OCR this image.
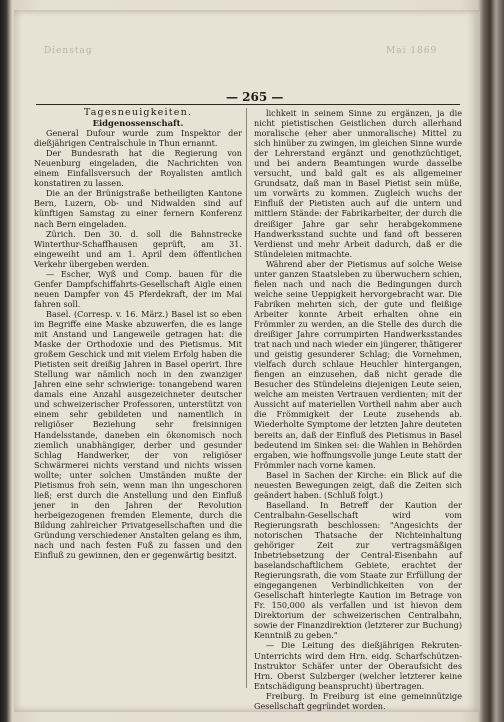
Dienstag	Mai 1869
— 265 —

Tagesneuigkeiten.

Eidgenossenschaft.

General Dufour wurde zum Inspektor der dießjährigen Centralschule in Thun ernannt.

Der Bundesrath hat die Regierung von Neuenburg eingeladen, die Nachrichten von einem Einfallsversuch der Royalisten amtlich konstatiren zu lassen.

Die an der Brünigstraße betheiligten Kantone Bern, Luzern, Ob- und Nidwalden sind auf künftigen Samstag zu einer fernern Konferenz nach Bern eingeladen.

Zürich. Den 30. d. soll die Bahnstrecke Winterthur-Schaffhausen geprüft, am 31. eingeweiht und am 1. April dem öffentlichen Verkehr übergeben werden.

— Escher, Wyß und Comp. bauen für die Genfer Dampfschiffahrts-Gesellschaft Aigle einen neuen Dampfer von 45 Pferdekraft, der im Mai fahren soll.

Basel. (Corresp. v. 16. März.) Basel ist so eben im Begriffe eine Maske abzuwerfen, die es lange mit Anstand und Langeweile getragen hat: die Maske der Orthodoxie und des Pietismus. Mit großem Geschick und mit vielem Erfolg haben die Pietisten seit dreißig Jahren in Basel operirt. Ihre Stellung war nämlich noch in den zwanziger Jahren eine sehr schwierige: tonangebend waren damals eine Anzahl ausgezeichneter deutscher und schweizerischer Professoren, unterstützt von einem sehr gebildeten und namentlich in religiöser Beziehung sehr freisinnigen Handelsstande, daneben ein ökonomisch noch ziemlich unabhängiger, derber und gesunder Schlag Handwerker, der von religiöser Schwärmerei nichts verstand und nichts wissen wollte; unter solchen Umständen mußte der Pietismus froh sein, wenn man ihn ungeschoren ließ; erst durch die Anstellung und den Einfluß jener in den Jahren der Revolution herbeigezogenen fremden Elemente, durch die Bildung zahlreicher Privatgesellschaften und die Gründung verschiedener Anstalten gelang es ihm, nach und nach festen Fuß zu fassen und den Einfluß zu gewinnen, den er gegenwärtig besitzt.

lichkeit in seinem Sinne zu ergänzen, ja die nicht pietistischen Geistlichen durch allerhand moralische (eher aber unmoralische) Mittel zu sich hinüber zu zwingen, im gleichen Sinne wurde der Lehrerstand ergänzt und genothzüchtiget, und bei andern Beamtungen wurde dasselbe versucht, und bald galt es als allgemeiner Grundsatz, daß man in Basel Pietist sein müße, um vorwärts zu kommen. Zugleich wuchs der Einfluß der Pietisten auch auf die untern und mittlern Stände: der Fabrikarbeiter, der durch die dreißiger Jahre gar sehr herabgekommene Handwerksstand suchte und fand oft besseren Verdienst und mehr Arbeit dadurch, daß er die Stündeleien mitmachte.

Während aber der Pietismus auf solche Weise unter ganzen Staatsleben zu überwuchern schien, fielen nach und nach die Bedingungen durch welche seine Ueppigkeit hervorgebracht war. Die Fabriken mehrten sich, der gute und fleißige Arbeiter konnte Arbeit erhalten ohne ein Frömmler zu werden, an die Stelle des durch die dreißiger Jahre corrumpirten Handwerksstandes trat nach und nach wieder ein jüngerer, thätigerer und geistig gesunderer Schlag; die Vornehmen, vielfach durch schlaue Heuchler hintergangen, fiengen an einzusehen, daß nicht gerade die Besucher des Stündeleins diejenigen Leute seien, welche am meisten Vertrauen verdienten; mit der Aussicht auf materiellen Vortheil nahm aber auch die Frömmigkeit der Leute zusehends ab. Wiederholte Symptome der letzten Jahre deuteten bereits an, daß der Einfluß des Pietismus in Basel bedeutend im Sinken sei: die Wahlen in Behörden ergaben, wie hoffnungsvolle junge Leute statt der Frömmler nach vorne kamen.

Basel in Sachen der Kirche: ein Blick auf die neuesten Bewegungen zeigt, daß die Zeiten sich geändert haben. (Schluß folgt.)

Baselland. In Betreff der Kaution der Centralbahn-Gesellschaft wird vom Regierungsrath beschlossen: "Angesichts der notorischen Thatsache der Nichteinhaltung gehöriger Zeit zur vertragsmäßigen Inbetriebsetzung der Central-Eisenbahn auf baselandschaftlichem Gebiete, erachtet der Regierungsrath, die vom Staate zur Erfüllung der eingegangenen Verbindlichkeiten von der Gesellschaft hinterlegte Kaution im Betrage von Fr. 150,000 als verfallen und ist hievon dem Direktorium der schweizerischen Centralbahn, sowie der Finanzdirektion (letzterer zur Buchung) Kenntniß zu geben."

— Die Leitung des dießjährigen Rekruten-Unterrichts wird dem Hrn. eidg. Scharfschützen-Instruktor Schäfer unter der Oberaufsicht des Hrn. Oberst Sulzberger (welcher letzterer keine Entschädigung beansprucht) übertragen.

Freiburg. In Freiburg ist eine gemeinnützige Gesellschaft gegründet worden.
